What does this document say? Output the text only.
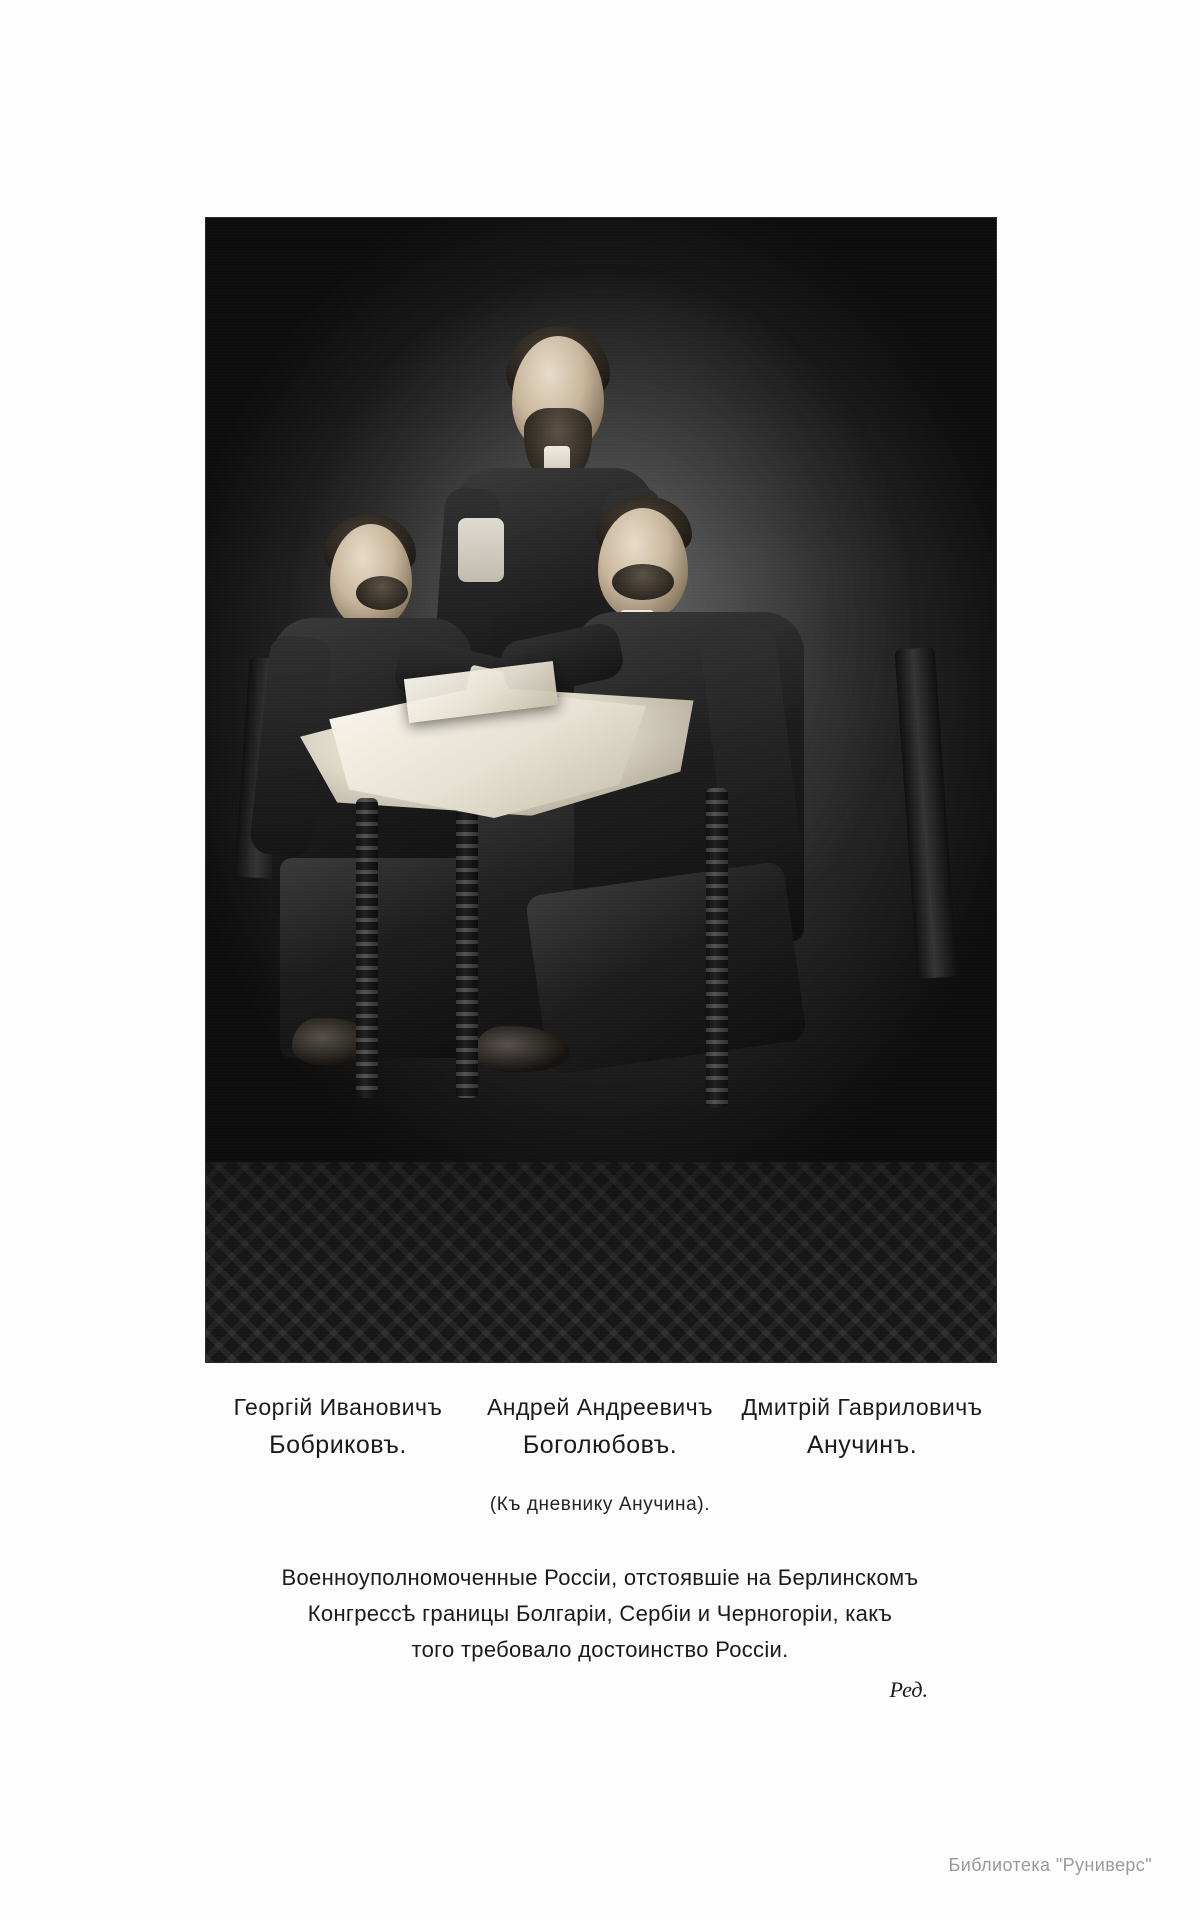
Георгій Ивановичъ
Бобриковъ.
Андрей Андреевичъ
Боголюбовъ.
Дмитрій Гавриловичъ
Анучинъ.
(Къ дневнику Анучина).
Военноуполномоченные Россіи, отстоявшіе на Берлинскомъ
Конгрессѣ границы Болгаріи, Сербіи и Черногоріи, какъ
того требовало достоинство Россіи.
Ред.
Библиотека "Руниверс"
